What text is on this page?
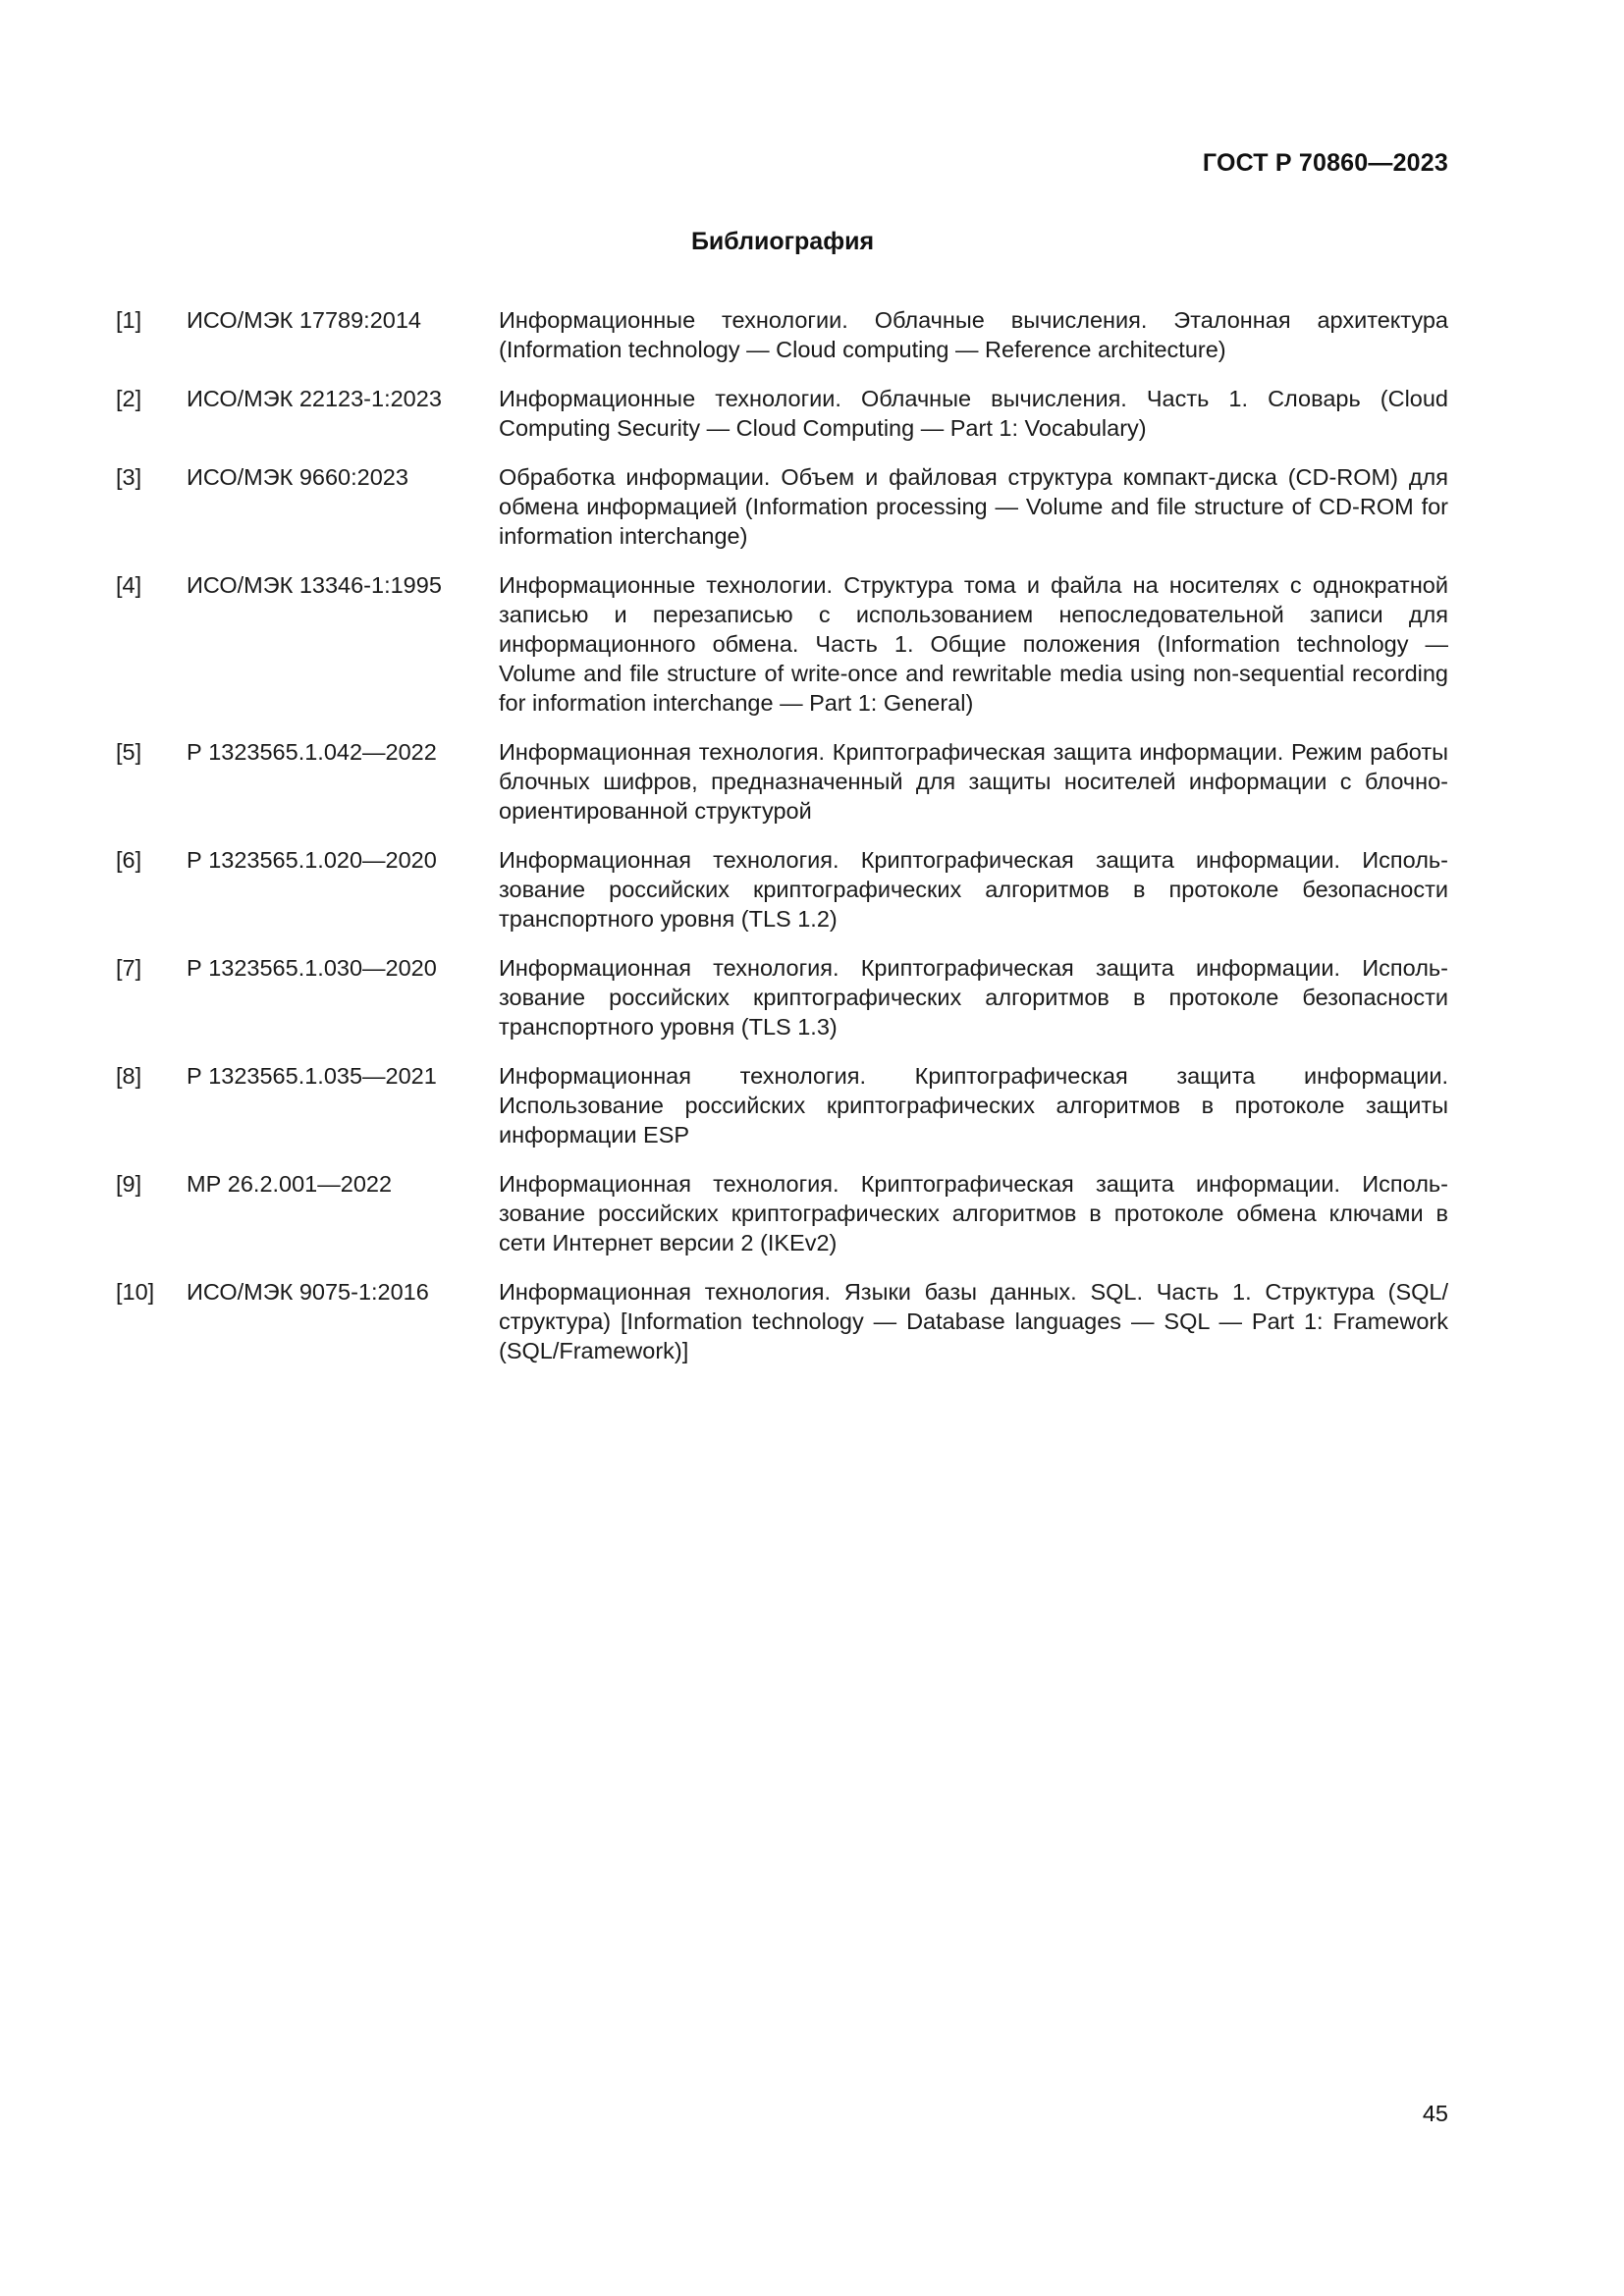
ГОСТ Р 70860—2023
Библиография
[1]	ИСО/МЭК 17789:2014	Информационные технологии. Облачные вычисления. Эталонная архитектура (Information technology — Cloud computing — Reference architecture)
[2]	ИСО/МЭК 22123-1:2023	Информационные технологии. Облачные вычисления. Часть 1. Словарь (Cloud Computing Security — Cloud Computing — Part 1: Vocabulary)
[3]	ИСО/МЭК 9660:2023	Обработка информации. Объем и файловая структура компакт-диска (CD-ROM) для обмена информацией (Information processing — Volume and file structure of CD-ROM for information interchange)
[4]	ИСО/МЭК 13346-1:1995	Информационные технологии. Структура тома и файла на носителях с однократной записью и перезаписью с использованием непоследовательной записи для информационного обмена. Часть 1. Общие положения (Information technology — Volume and file structure of write-once and rewritable media using non-sequential recording for information interchange — Part 1: General)
[5]	Р 1323565.1.042—2022	Информационная технология. Криптографическая защита информации. Режим работы блочных шифров, предназначенный для защиты носителей информации с блочно-ориентированной структурой
[6]	Р 1323565.1.020—2020	Информационная технология. Криптографическая защита информации. Использование российских криптографических алгоритмов в протоколе безопасности транспортного уровня (TLS 1.2)
[7]	Р 1323565.1.030—2020	Информационная технология. Криптографическая защита информации. Использование российских криптографических алгоритмов в протоколе безопасности транспортного уровня (TLS 1.3)
[8]	Р 1323565.1.035—2021	Информационная технология. Криптографическая защита информации. Использование российских криптографических алгоритмов в протоколе защиты информации ESP
[9]	МР 26.2.001—2022	Информационная технология. Криптографическая защита информации. Использование российских криптографических алгоритмов в протоколе обмена ключами в сети Интернет версии 2 (IKEv2)
[10]	ИСО/МЭК 9075-1:2016	Информационная технология. Языки базы данных. SQL. Часть 1. Структура (SQL/ структура) [Information technology — Database languages — SQL — Part 1: Framework (SQL/Framework)]
45
